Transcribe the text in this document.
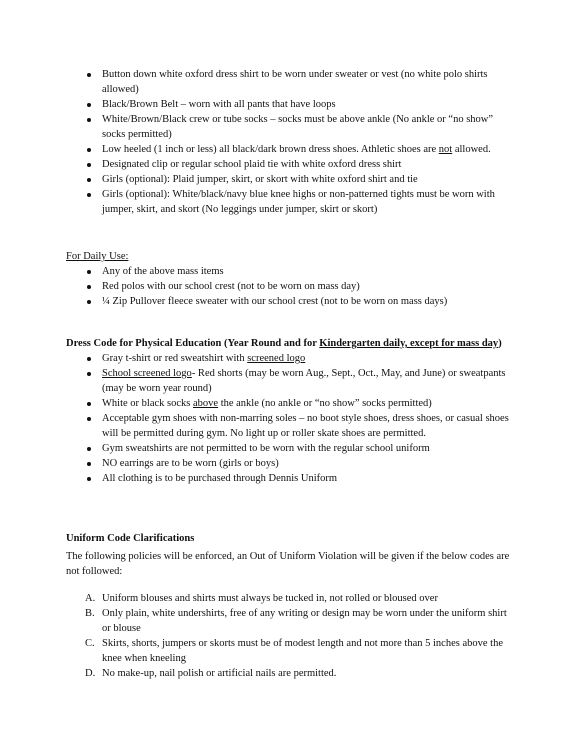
Button down white oxford dress shirt to be worn under sweater or vest (no white polo shirts allowed)
Black/Brown Belt – worn with all pants that have loops
White/Brown/Black crew or tube socks – socks must be above ankle (No ankle or “no show” socks permitted)
Low heeled (1 inch or less) all black/dark brown dress shoes. Athletic shoes are not allowed.
Designated clip or regular school plaid tie with white oxford dress shirt
Girls (optional): Plaid jumper, skirt, or skort with white oxford shirt and tie
Girls (optional): White/black/navy blue knee highs or non-patterned tights must be worn with jumper, skirt, and skort (No leggings under jumper, skirt or skort)

For Daily Use:

Any of the above mass items
Red polos with our school crest (not to be worn on mass day)
¼ Zip Pullover fleece sweater with our school crest (not to be worn on mass days)

Dress Code for Physical Education (Year Round and for Kindergarten daily, except for mass day)

Gray t-shirt or red sweatshirt with screened logo
School screened logo- Red shorts (may be worn Aug., Sept., Oct., May, and June) or sweatpants (may be worn year round)
White or black socks above the ankle (no ankle or “no show” socks permitted)
Acceptable gym shoes with non-marring soles – no boot style shoes, dress shoes, or casual shoes will be permitted during gym. No light up or roller skate shoes are permitted.
Gym sweatshirts are not permitted to be worn with the regular school uniform
NO earrings are to be worn (girls or boys)
All clothing is to be purchased through Dennis Uniform

Uniform Code Clarifications

The following policies will be enforced, an Out of Uniform Violation will be given if the below codes are not followed:

A. Uniform blouses and shirts must always be tucked in, not rolled or bloused over
B. Only plain, white undershirts, free of any writing or design may be worn under the uniform shirt or blouse
C. Skirts, shorts, jumpers or skorts must be of modest length and not more than 5 inches above the knee when kneeling
D. No make-up, nail polish or artificial nails are permitted.
